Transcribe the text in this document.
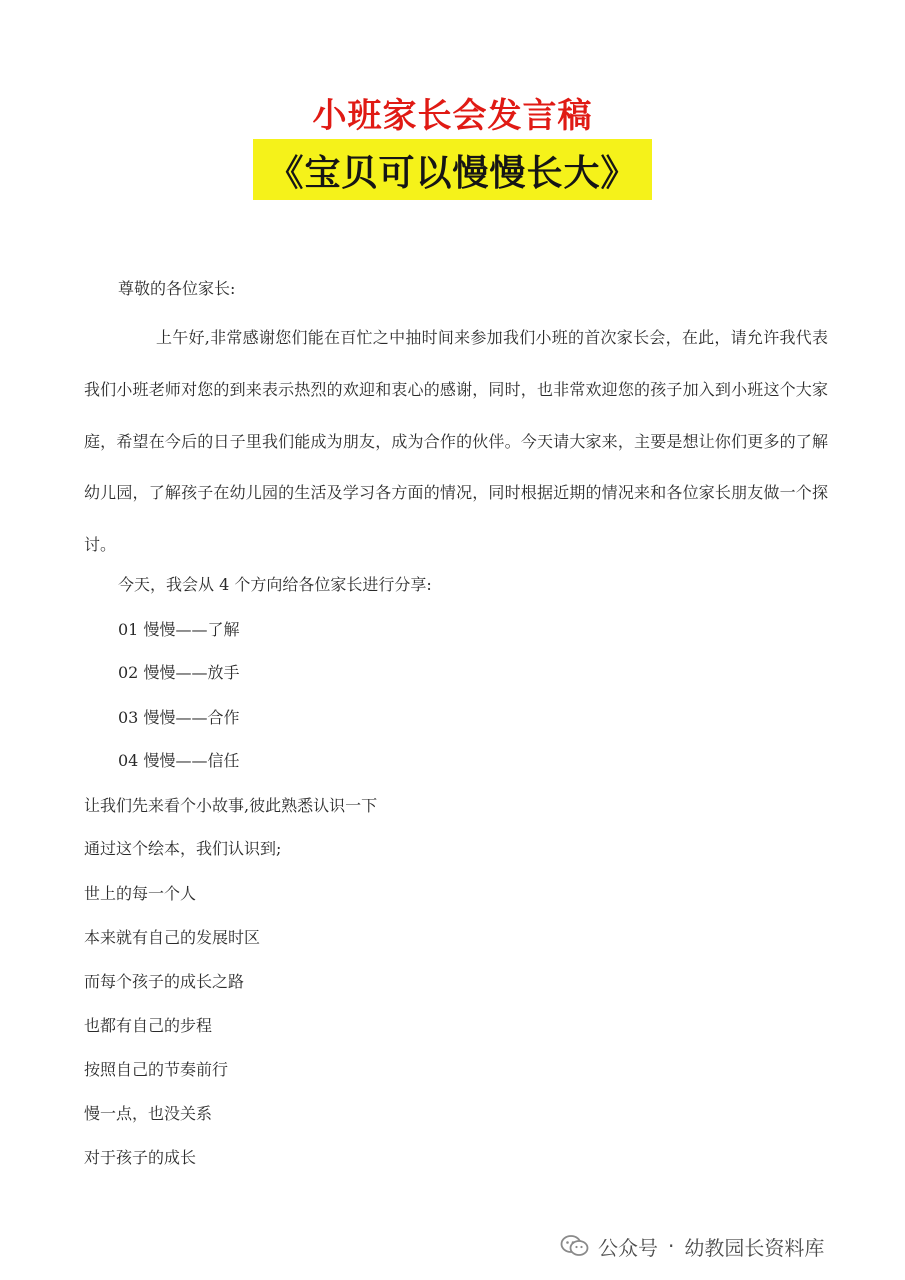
小班家长会发言稿
《宝贝可以慢慢长大》
尊敬的各位家长:
上午好,非常感谢您们能在百忙之中抽时间来参加我们小班的首次家长会，在此，请允许我代表我们小班老师对您的到来表示热烈的欢迎和衷心的感谢，同时，也非常欢迎您的孩子加入到小班这个大家庭，希望在今后的日子里我们能成为朋友，成为合作的伙伴。今天请大家来，主要是想让你们更多的了解幼儿园，了解孩子在幼儿园的生活及学习各方面的情况，同时根据近期的情况来和各位家长朋友做一个探讨。
今天，我会从 4 个方向给各位家长进行分享:
01 慢慢——了解
02 慢慢——放手
03 慢慢——合作
04 慢慢——信任
让我们先来看个小故事,彼此熟悉认识一下
通过这个绘本，我们认识到;
世上的每一个人
本来就有自己的发展时区
而每个孩子的成长之路
也都有自己的步程
按照自己的节奏前行
慢一点，也没关系
对于孩子的成长
公众号 · 幼教园长资料库
